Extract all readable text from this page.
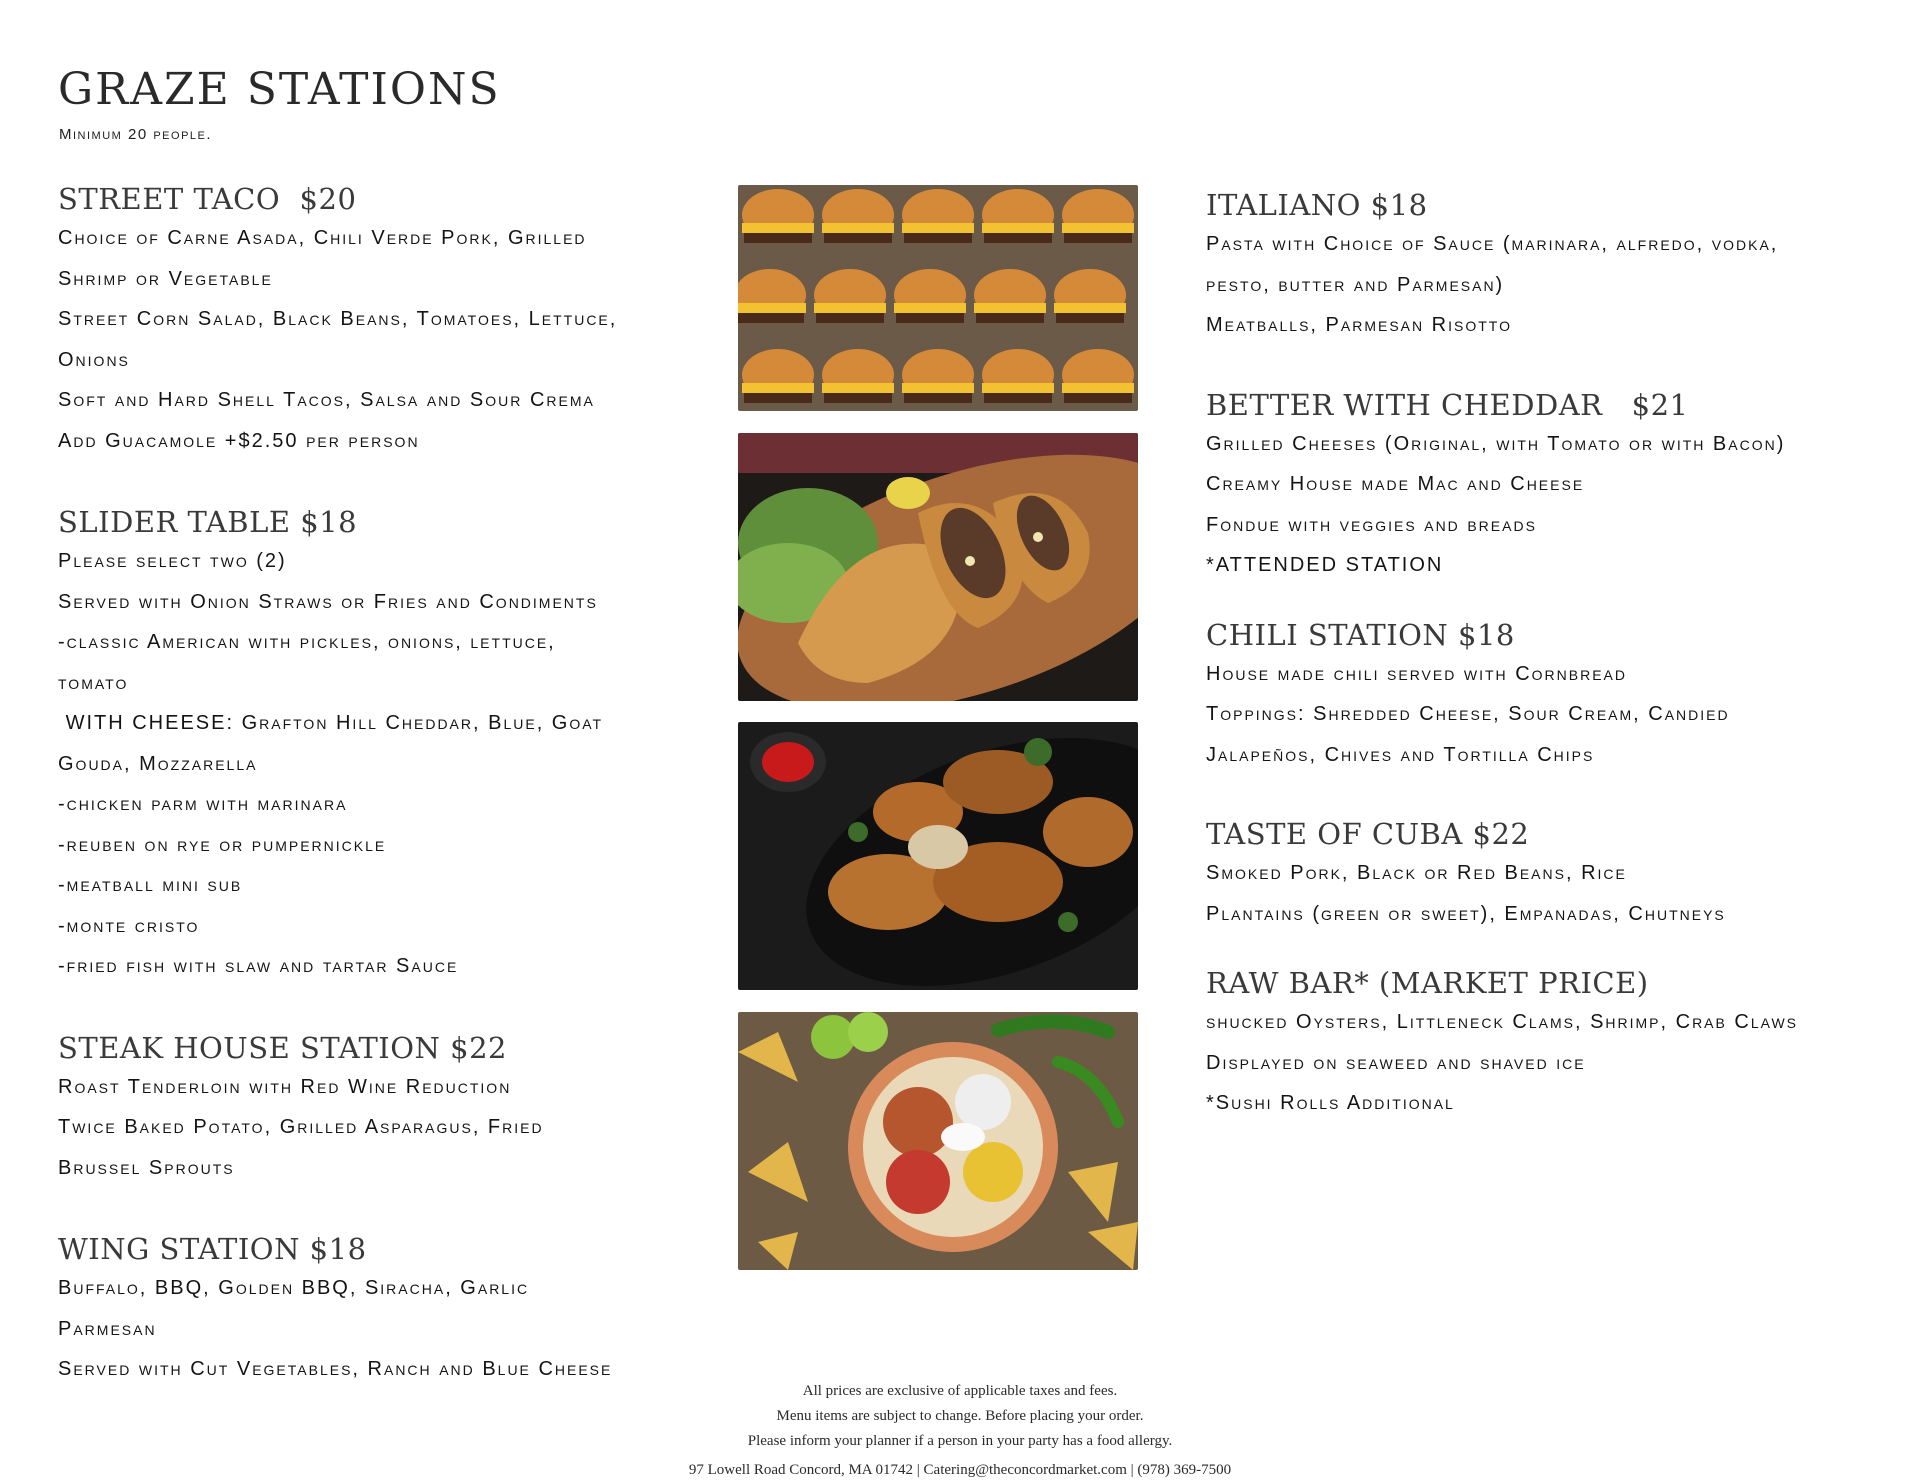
GRAZE STATIONS
Minimum 20 people.
STREET TACO  $20
Choice of Carne Asada, Chili Verde Pork, Grilled
Shrimp or Vegetable
Street Corn Salad, Black Beans, Tomatoes, Lettuce,
Onions
Soft and Hard Shell Tacos, Salsa and Sour Crema
Add Guacamole +$2.50 per person
SLIDER TABLE $18
Please select two (2)
Served with Onion Straws or Fries and Condiments
-classic American with pickles, onions, lettuce,
tomato
WITH CHEESE: Grafton Hill Cheddar, Blue, Goat
Gouda, Mozzarella
-chicken parm with marinara
-reuben on rye or pumpernickle
-meatball mini sub
-monte cristo
-fried fish with slaw and tartar Sauce
STEAK HOUSE STATION $22
Roast Tenderloin with Red Wine Reduction
Twice Baked Potato, Grilled Asparagus, Fried
Brussel Sprouts
WING STATION $18
Buffalo, BBQ, Golden BBQ, Siracha, Garlic
Parmesan
Served with Cut Vegetables, Ranch and Blue Cheese
ITALIANO $18
Pasta with Choice of Sauce (marinara, alfredo, vodka,
pesto, butter and Parmesan)
Meatballs, Parmesan Risotto
BETTER WITH CHEDDAR   $21
Grilled Cheeses (Original, with Tomato or with Bacon)
Creamy House made Mac and Cheese
Fondue with veggies and breads
*ATTENDED STATION
CHILI STATION $18
House made chili served with Cornbread
Toppings: Shredded Cheese, Sour Cream, Candied
Jalapeños, Chives and Tortilla Chips
TASTE OF CUBA $22
Smoked Pork, Black or Red Beans, Rice
Plantains (green or sweet), Empanadas, Chutneys
RAW BAR* (MARKET PRICE)
shucked Oysters, Littleneck Clams, Shrimp, Crab Claws
Displayed on seaweed and shaved ice
*Sushi Rolls Additional
All prices are exclusive of applicable taxes and fees.
Menu items are subject to change. Before placing your order.
Please inform your planner if a person in your party has a food allergy.
97 Lowell Road Concord, MA 01742 | Catering@theconcordmarket.com | (978) 369-7500
